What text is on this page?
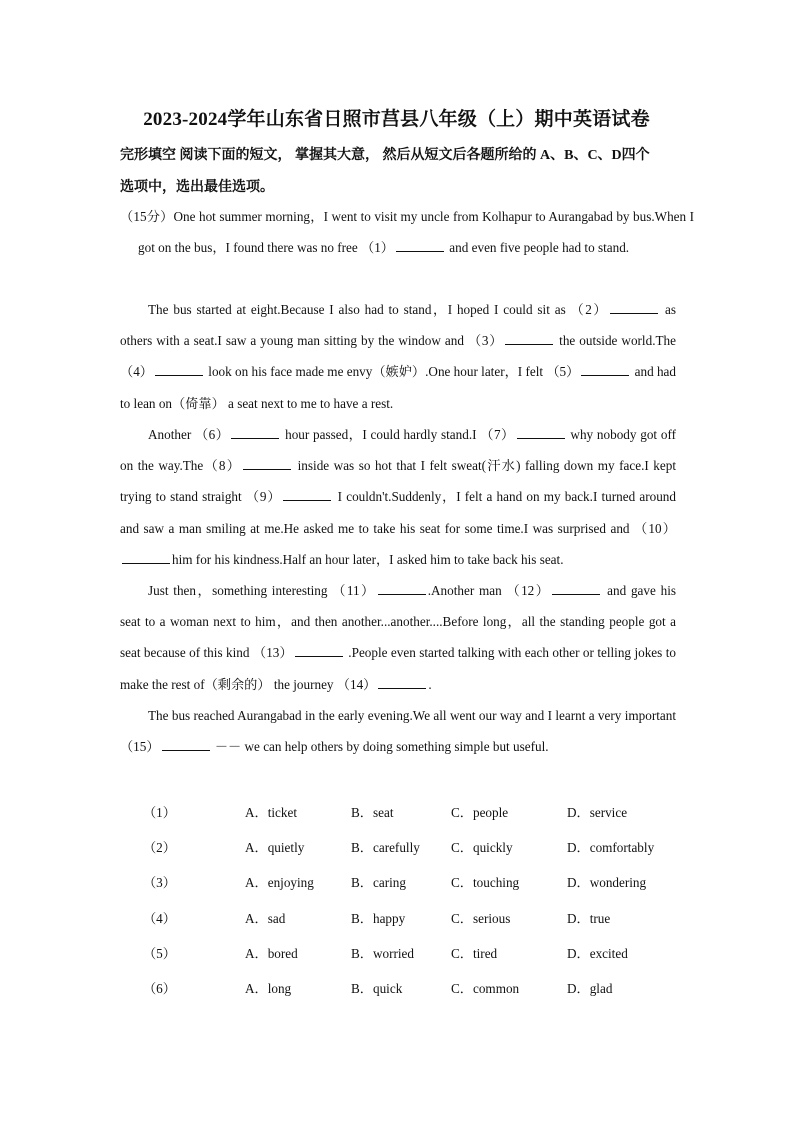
2023-2024学年山东省日照市莒县八年级（上）期中英语试卷
完形填空 阅读下面的短文， 掌握其大意， 然后从短文后各题所给的 A、B、C、D四个
选项中，选出最佳选项。
（15分）One hot summer morning，I went to visit my uncle from Kolhapur to Aurangabad by bus.When I got on the bus，I found there was no free （1）	and even five people had to stand.
The bus started at eight.Because I also had to stand，I hoped I could sit as （2）	as others with a seat.I saw a young man sitting by the window and （3）	the outside world.The （4）	look on his face made me envy（嫉妒）.One hour later，I felt （5）	and had to lean on（倚靠） a seat next to me to have a rest.
Another （6）	hour passed，I could hardly stand.I （7）	why nobody got off on the way.The（8）	inside was so hot that I felt sweat(汗水) falling down my face.I kept trying to stand straight （9）	I couldn't.Suddenly，I felt a hand on my back.I turned around and saw a man smiling at me.He asked me to take his seat for some time.I was surprised and （10）him for his kindness.Half an hour later，I asked him to take back his seat.
Just then，something interesting （11）	.Another man （12）	and gave his seat to a woman next to him，and then another...another....Before long，all the standing people got a seat because of this kind （13）	.People even started talking with each other or telling jokes to make the rest of（剩余的） the journey （14）	.
The bus reached Aurangabad in the early evening.We all went our way and I learnt a very important （15）	－－ we can help others by doing something simple but useful.
（1）	A．ticket	B．seat	C．people	D．service
（2）	A．quietly	B．carefully C．quickly	D．comfortably
（3）	A．enjoying	B．caring	C．touching	D．wondering
（4）	A．sad	B．happy	C．serious	D．true
（5）	A．bored	B．worried	C．tired	D．excited
（6）	A．long	B．quick	C．common	D．glad
